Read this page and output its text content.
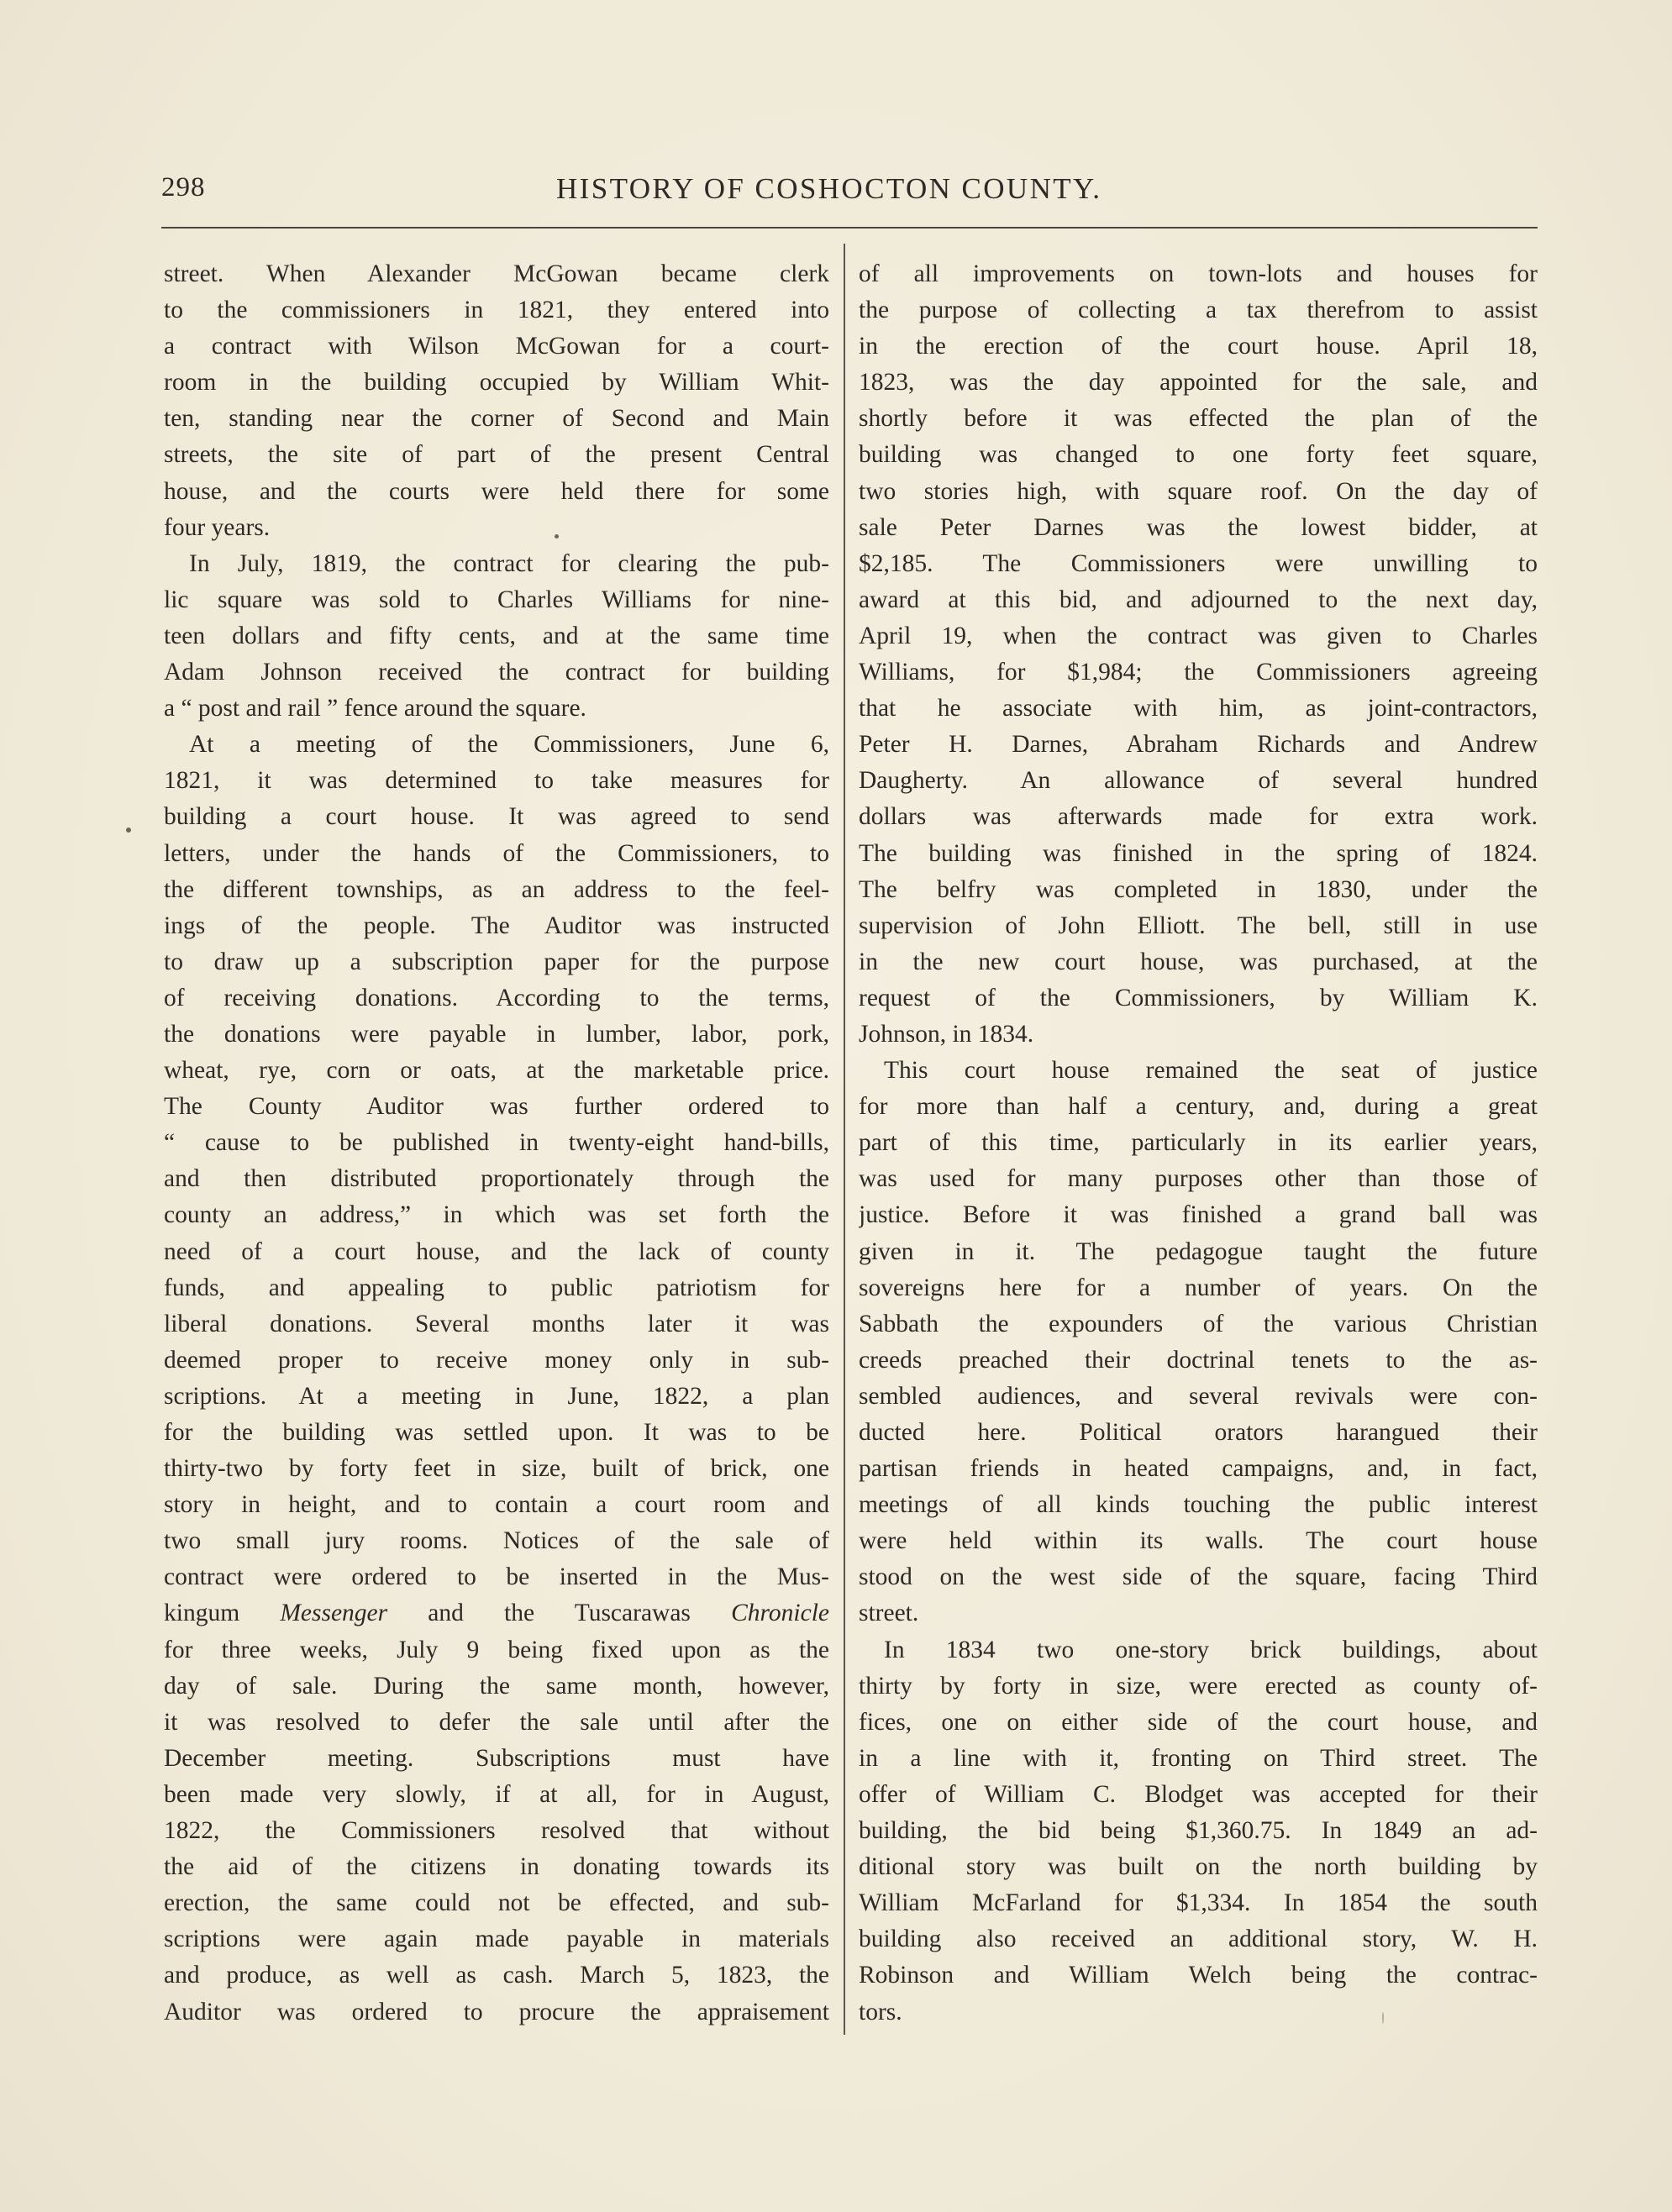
298	HISTORY OF COSHOCTON COUNTY.
street. When Alexander McGowan became clerk
to the commissioners in 1821, they entered into
a contract with Wilson McGowan for a court-
room in the building occupied by William Whit-
ten, standing near the corner of Second and Main
streets, the site of part of the present Central
house, and the courts were held there for some
four years.
In July, 1819, the contract for clearing the pub-
lic square was sold to Charles Williams for nine-
teen dollars and fifty cents, and at the same time
Adam Johnson received the contract for building
a “ post and rail ” fence around the square.
At a meeting of the Commissioners, June 6,
1821, it was determined to take measures for
building a court house. It was agreed to send
letters, under the hands of the Commissioners, to
the different townships, as an address to the feel-
ings of the people. The Auditor was instructed
to draw up a subscription paper for the purpose
of receiving donations. According to the terms,
the donations were payable in lumber, labor, pork,
wheat, rye, corn or oats, at the marketable price.
The County Auditor was further ordered to
“ cause to be published in twenty-eight hand-bills,
and then distributed proportionately through the
county an address,” in which was set forth the
need of a court house, and the lack of county
funds, and appealing to public patriotism for
liberal donations. Several months later it was
deemed proper to receive money only in sub-
scriptions. At a meeting in June, 1822, a plan
for the building was settled upon. It was to be
thirty-two by forty feet in size, built of brick, one
story in height, and to contain a court room and
two small jury rooms. Notices of the sale of
contract were ordered to be inserted in the Mus-
kingum Messenger and the Tuscarawas Chronicle
for three weeks, July 9 being fixed upon as the
day of sale. During the same month, however,
it was resolved to defer the sale until after the
December meeting. Subscriptions must have
been made very slowly, if at all, for in August,
1822, the Commissioners resolved that without
the aid of the citizens in donating towards its
erection, the same could not be effected, and sub-
scriptions were again made payable in materials
and produce, as well as cash. March 5, 1823, the
Auditor was ordered to procure the appraisement
of all improvements on town-lots and houses for
the purpose of collecting a tax therefrom to assist
in the erection of the court house. April 18,
1823, was the day appointed for the sale, and
shortly before it was effected the plan of the
building was changed to one forty feet square,
two stories high, with square roof. On the day of
sale Peter Darnes was the lowest bidder, at
$2,185. The Commissioners were unwilling to
award at this bid, and adjourned to the next day,
April 19, when the contract was given to Charles
Williams, for $1,984; the Commissioners agreeing
that he associate with him, as joint-contractors,
Peter H. Darnes, Abraham Richards and Andrew
Daugherty. An allowance of several hundred
dollars was afterwards made for extra work.
The building was finished in the spring of 1824.
The belfry was completed in 1830, under the
supervision of John Elliott. The bell, still in use
in the new court house, was purchased, at the
request of the Commissioners, by William K.
Johnson, in 1834.
This court house remained the seat of justice
for more than half a century, and, during a great
part of this time, particularly in its earlier years,
was used for many purposes other than those of
justice. Before it was finished a grand ball was
given in it. The pedagogue taught the future
sovereigns here for a number of years. On the
Sabbath the expounders of the various Christian
creeds preached their doctrinal tenets to the as-
sembled audiences, and several revivals were con-
ducted here. Political orators harangued their
partisan friends in heated campaigns, and, in fact,
meetings of all kinds touching the public interest
were held within its walls. The court house
stood on the west side of the square, facing Third
street.
In 1834 two one-story brick buildings, about
thirty by forty in size, were erected as county of-
fices, one on either side of the court house, and
in a line with it, fronting on Third street. The
offer of William C. Blodget was accepted for their
building, the bid being $1,360.75. In 1849 an ad-
ditional story was built on the north building by
William McFarland for $1,334. In 1854 the south
building also received an additional story, W. H.
Robinson and William Welch being the contrac-
tors.
